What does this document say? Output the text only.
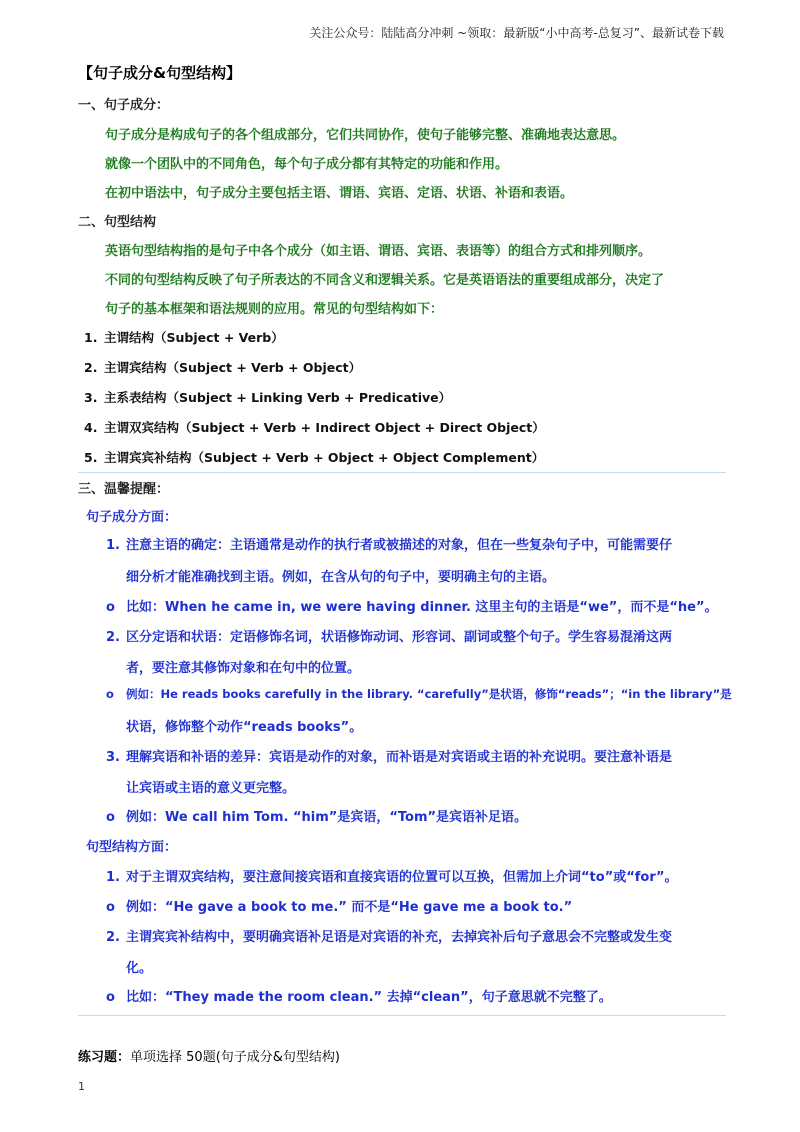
关注公众号：陆陆高分冲刺 ~领取：最新版“小中高考-总复习”、最新试卷下载
【句子成分&句型结构】
一、句子成分：
句子成分是构成句子的各个组成部分，它们共同协作，使句子能够完整、准确地表达意思。
就像一个团队中的不同角色，每个句子成分都有其特定的功能和作用。
在初中语法中，句子成分主要包括主语、谓语、宾语、定语、状语、补语和表语。
二、句型结构
英语句型结构指的是句子中各个成分（如主语、谓语、宾语、表语等）的组合方式和排列顺序。
不同的句型结构反映了句子所表达的不同含义和逻辑关系。它是英语语法的重要组成部分，决定了
句子的基本框架和语法规则的应用。常见的句型结构如下：
1. 主谓结构（Subject + Verb）
2. 主谓宾结构（Subject + Verb + Object）
3. 主系表结构（Subject + Linking Verb + Predicative）
4. 主谓双宾结构（Subject + Verb + Indirect Object + Direct Object）
5. 主谓宾宾补结构（Subject + Verb + Object + Object Complement）
三、温馨提醒：
句子成分方面：
1. 注意主语的确定：主语通常是动作的执行者或被描述的对象，但在一些复杂句子中，可能需要仔
细分析才能准确找到主语。例如，在含从句的句子中，要明确主句的主语。
o 比如：When he came in, we were having dinner. 这里主句的主语是“we”，而不是“he”。
2. 区分定语和状语：定语修饰名词，状语修饰动词、形容词、副词或整个句子。学生容易混淆这两
者，要注意其修饰对象和在句中的位置。
o 例如：He reads books carefully in the library. “carefully”是状语，修饰“reads”；“in the library”是
状语，修饰整个动作“reads books”。
3. 理解宾语和补语的差异：宾语是动作的对象，而补语是对宾语或主语的补充说明。要注意补语是
让宾语或主语的意义更完整。
o 例如：We call him Tom. “him”是宾语，“Tom”是宾语补足语。
句型结构方面：
1. 对于主谓双宾结构，要注意间接宾语和直接宾语的位置可以互换，但需加上介词“to”或“for”。
o 例如：“He gave a book to me.” 而不是“He gave me a book to.”
2. 主谓宾宾补结构中，要明确宾语补足语是对宾语的补充，去掉宾补后句子意思会不完整或发生变
化。
o 比如：“They made the room clean.” 去掉“clean”，句子意思就不完整了。
练习题：单项选择 50题(句子成分&句型结构)
1
